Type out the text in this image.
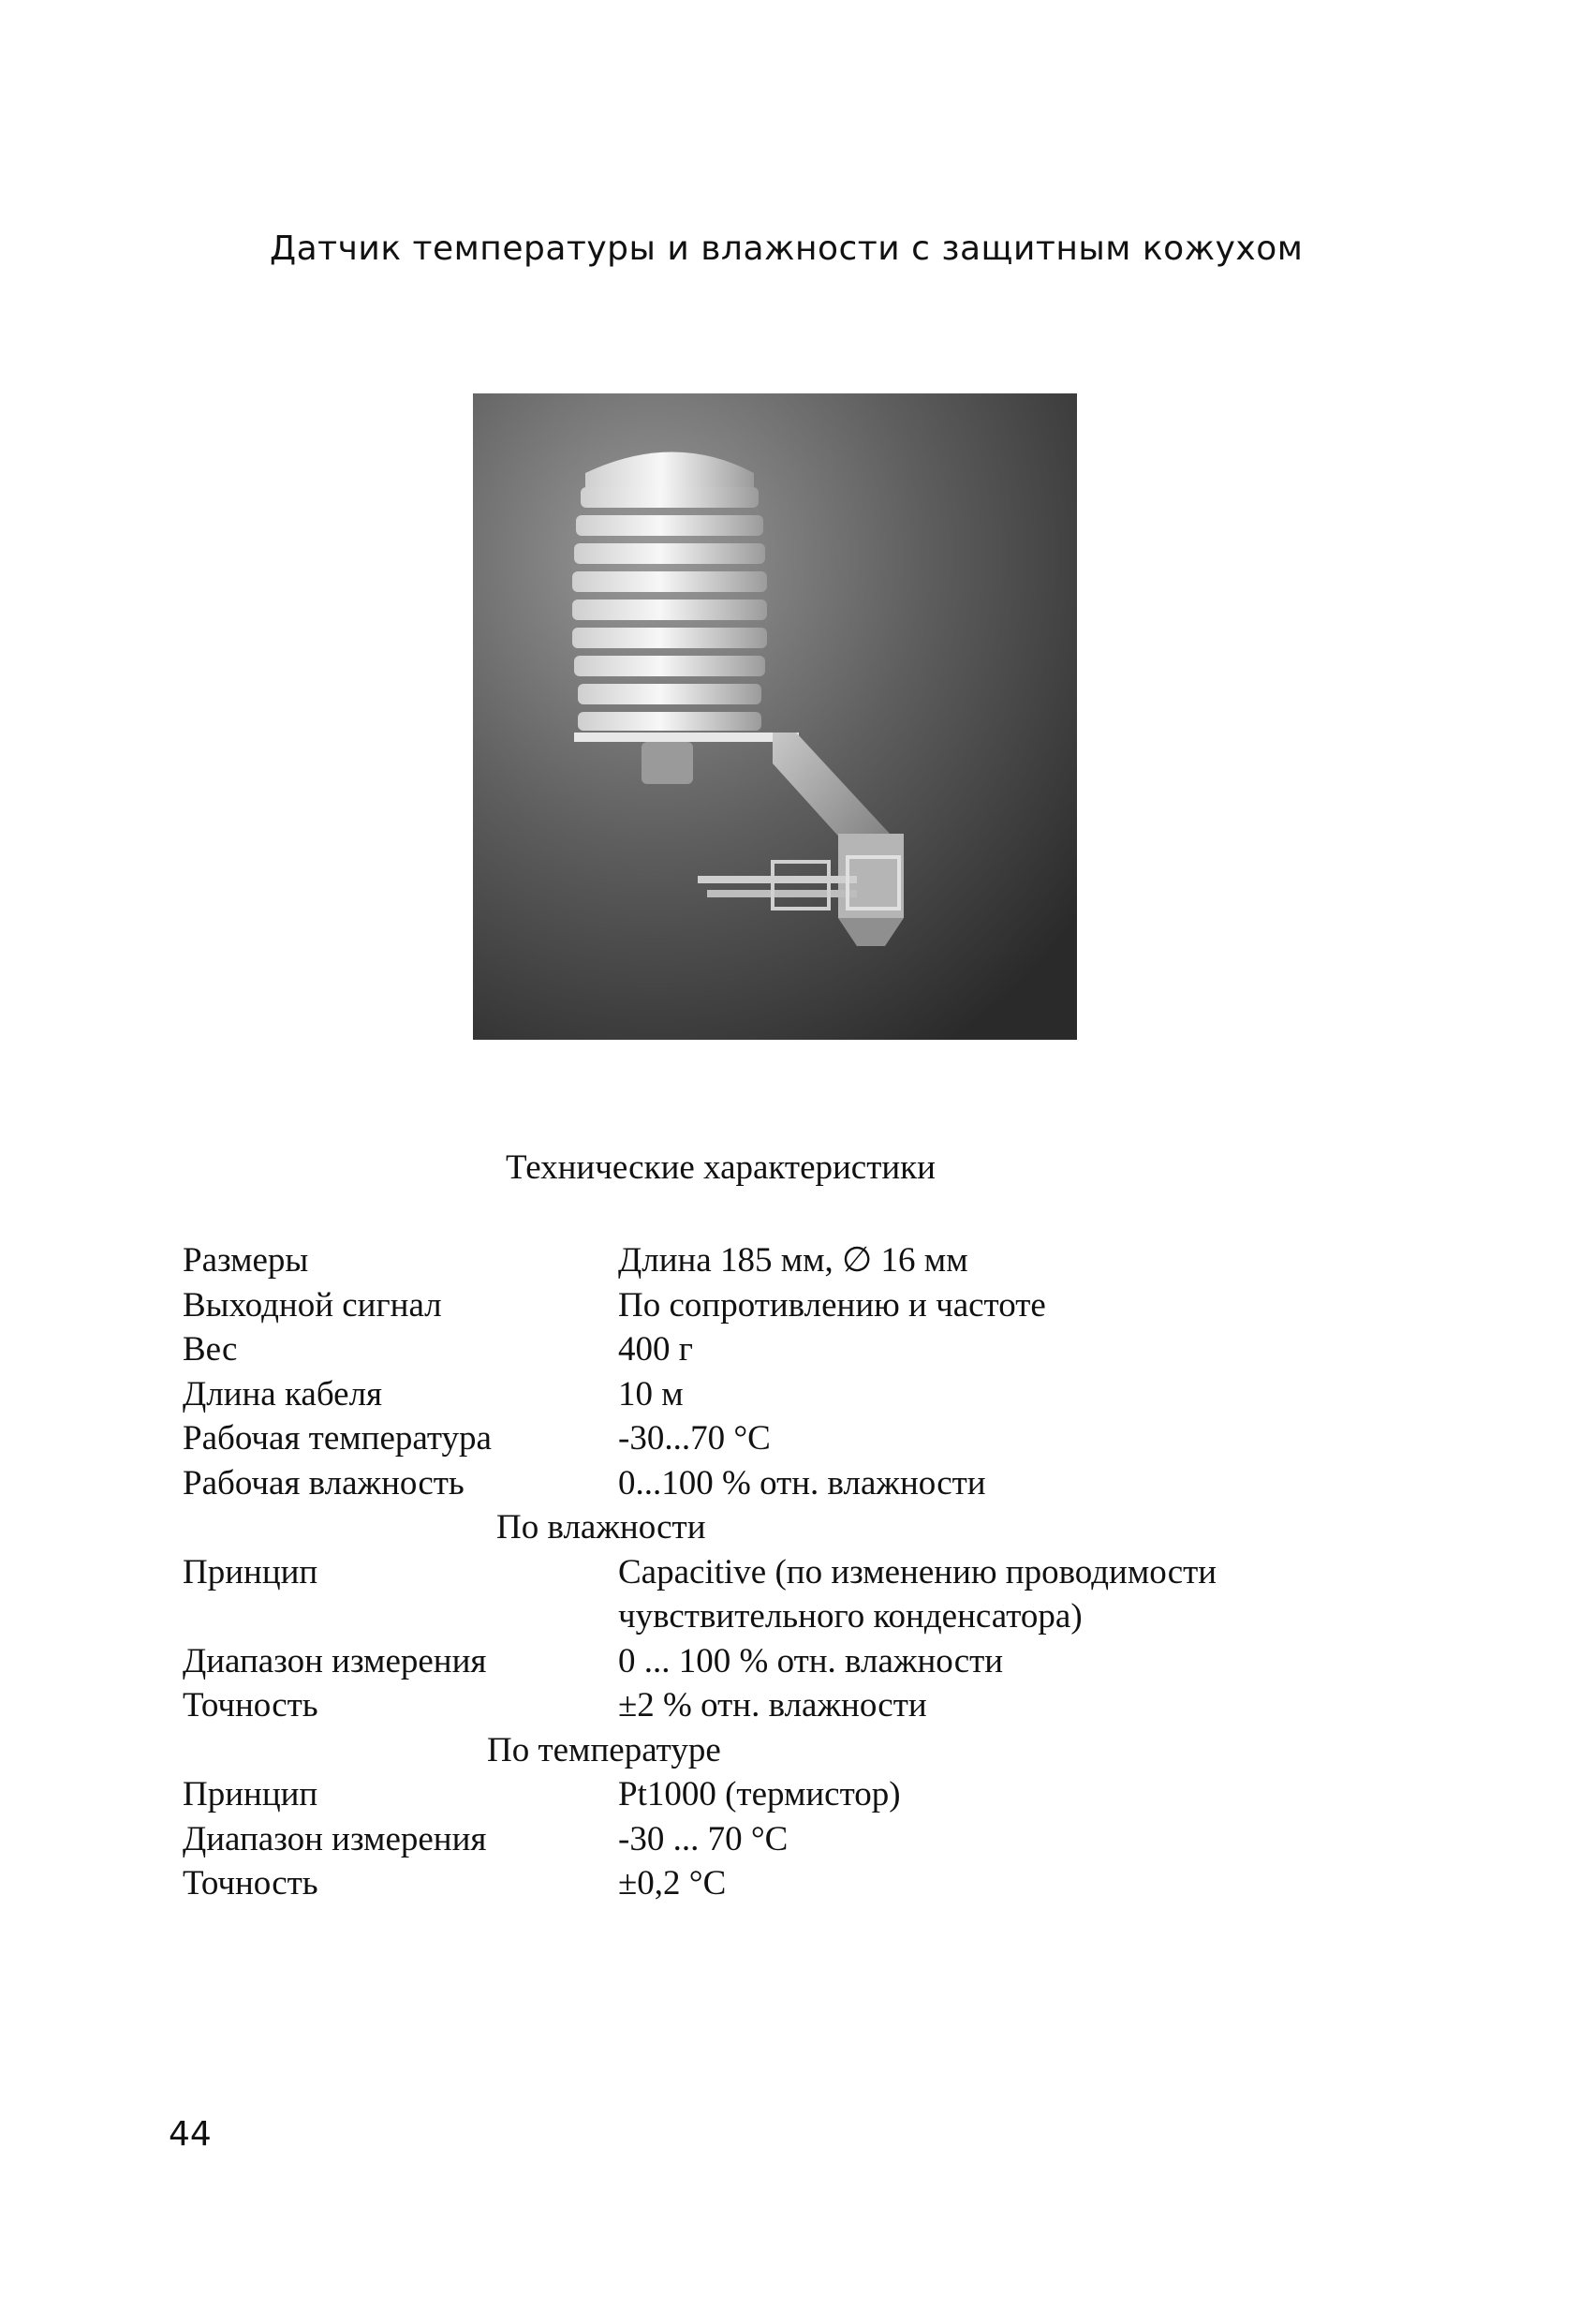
Датчик температуры и влажности с защитным кожухом
Технические характеристики
Размеры	Длина 185 мм, ∅ 16 мм
Выходной сигнал	По сопротивлению и частоте
Вес	400 г
Длина кабеля	10 м
Рабочая температура	-30...70 °C
Рабочая влажность	0...100 % отн. влажности
По влажности
Принцип	Capacitive (по изменению проводимости чувствительного конденсатора)
Диапазон измерения	0 ... 100 % отн. влажности
Точность	±2 % отн. влажности
По температуре
Принцип	Pt1000 (термистор)
Диапазон измерения	-30 ... 70 °C
Точность	±0,2 °C
44
